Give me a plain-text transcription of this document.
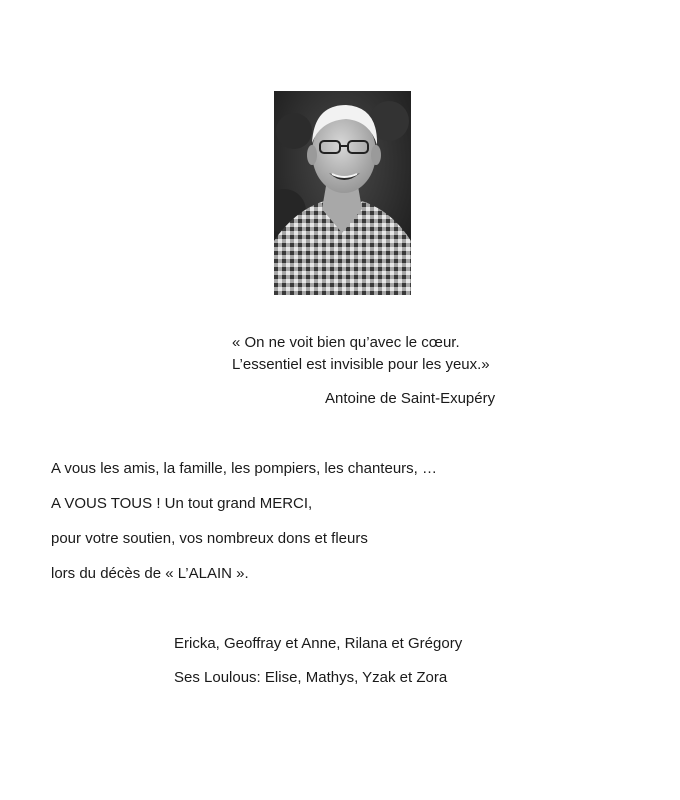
« On ne voit bien qu’avec le cœur.
L’essentiel est invisible pour les yeux.»
Antoine de Saint-Exupéry
A vous les amis, la famille, les pompiers, les chanteurs, …
A VOUS TOUS ! Un tout grand MERCI,
pour votre soutien, vos nombreux dons et fleurs
lors du décès de « L’ALAIN ».
Ericka, Geoffray et Anne, Rilana et Grégory
Ses Loulous: Elise, Mathys, Yzak et Zora
